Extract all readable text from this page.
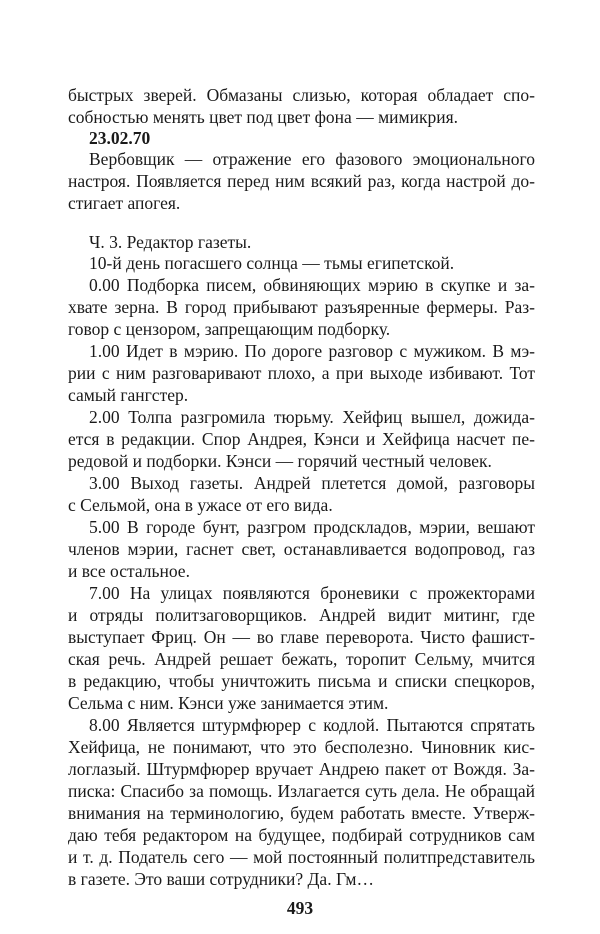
быстрых зверей. Обмазаны слизью, которая обладает спо-
собностью менять цвет под цвет фона — мимикрия.
23.02.70
Вербовщик — отражение его фазового эмоционального
настроя. Появляется перед ним всякий раз, когда настрой до-
стигает апогея.
Ч. 3. Редактор газеты.
10-й день погасшего солнца — тьмы египетской.
0.00 Подборка писем, обвиняющих мэрию в скупке и за-
хвате зерна. В город прибывают разъяренные фермеры. Раз-
говор с цензором, запрещающим подборку.
1.00 Идет в мэрию. По дороге разговор с мужиком. В мэ-
рии с ним разговаривают плохо, а при выходе избивают. Тот
самый гангстер.
2.00 Толпа разгромила тюрьму. Хейфиц вышел, дожида-
ется в редакции. Спор Андрея, Кэнси и Хейфица насчет пе-
редовой и подборки. Кэнси — горячий честный человек.
3.00 Выход газеты. Андрей плетется домой, разговоры
с Сельмой, она в ужасе от его вида.
5.00 В городе бунт, разгром продскладов, мэрии, вешают
членов мэрии, гаснет свет, останавливается водопровод, газ
и все остальное.
7.00 На улицах появляются броневики с прожекторами
и отряды политзаговорщиков. Андрей видит митинг, где
выступает Фриц. Он — во главе переворота. Чисто фашист-
ская речь. Андрей решает бежать, торопит Сельму, мчится
в редакцию, чтобы уничтожить письма и списки спецкоров,
Сельма с ним. Кэнси уже занимается этим.
8.00 Является штурмфюрер с кодлой. Пытаются спрятать
Хейфица, не понимают, что это бесполезно. Чиновник кис-
логлазый. Штурмфюрер вручает Андрею пакет от Вождя. За-
писка: Спасибо за помощь. Излагается суть дела. Не обращай
внимания на терминологию, будем работать вместе. Утверж-
даю тебя редактором на будущее, подбирай сотрудников сам
и т. д. Податель сего — мой постоянный политпредставитель
в газете. Это ваши сотрудники? Да. Гм…
493
